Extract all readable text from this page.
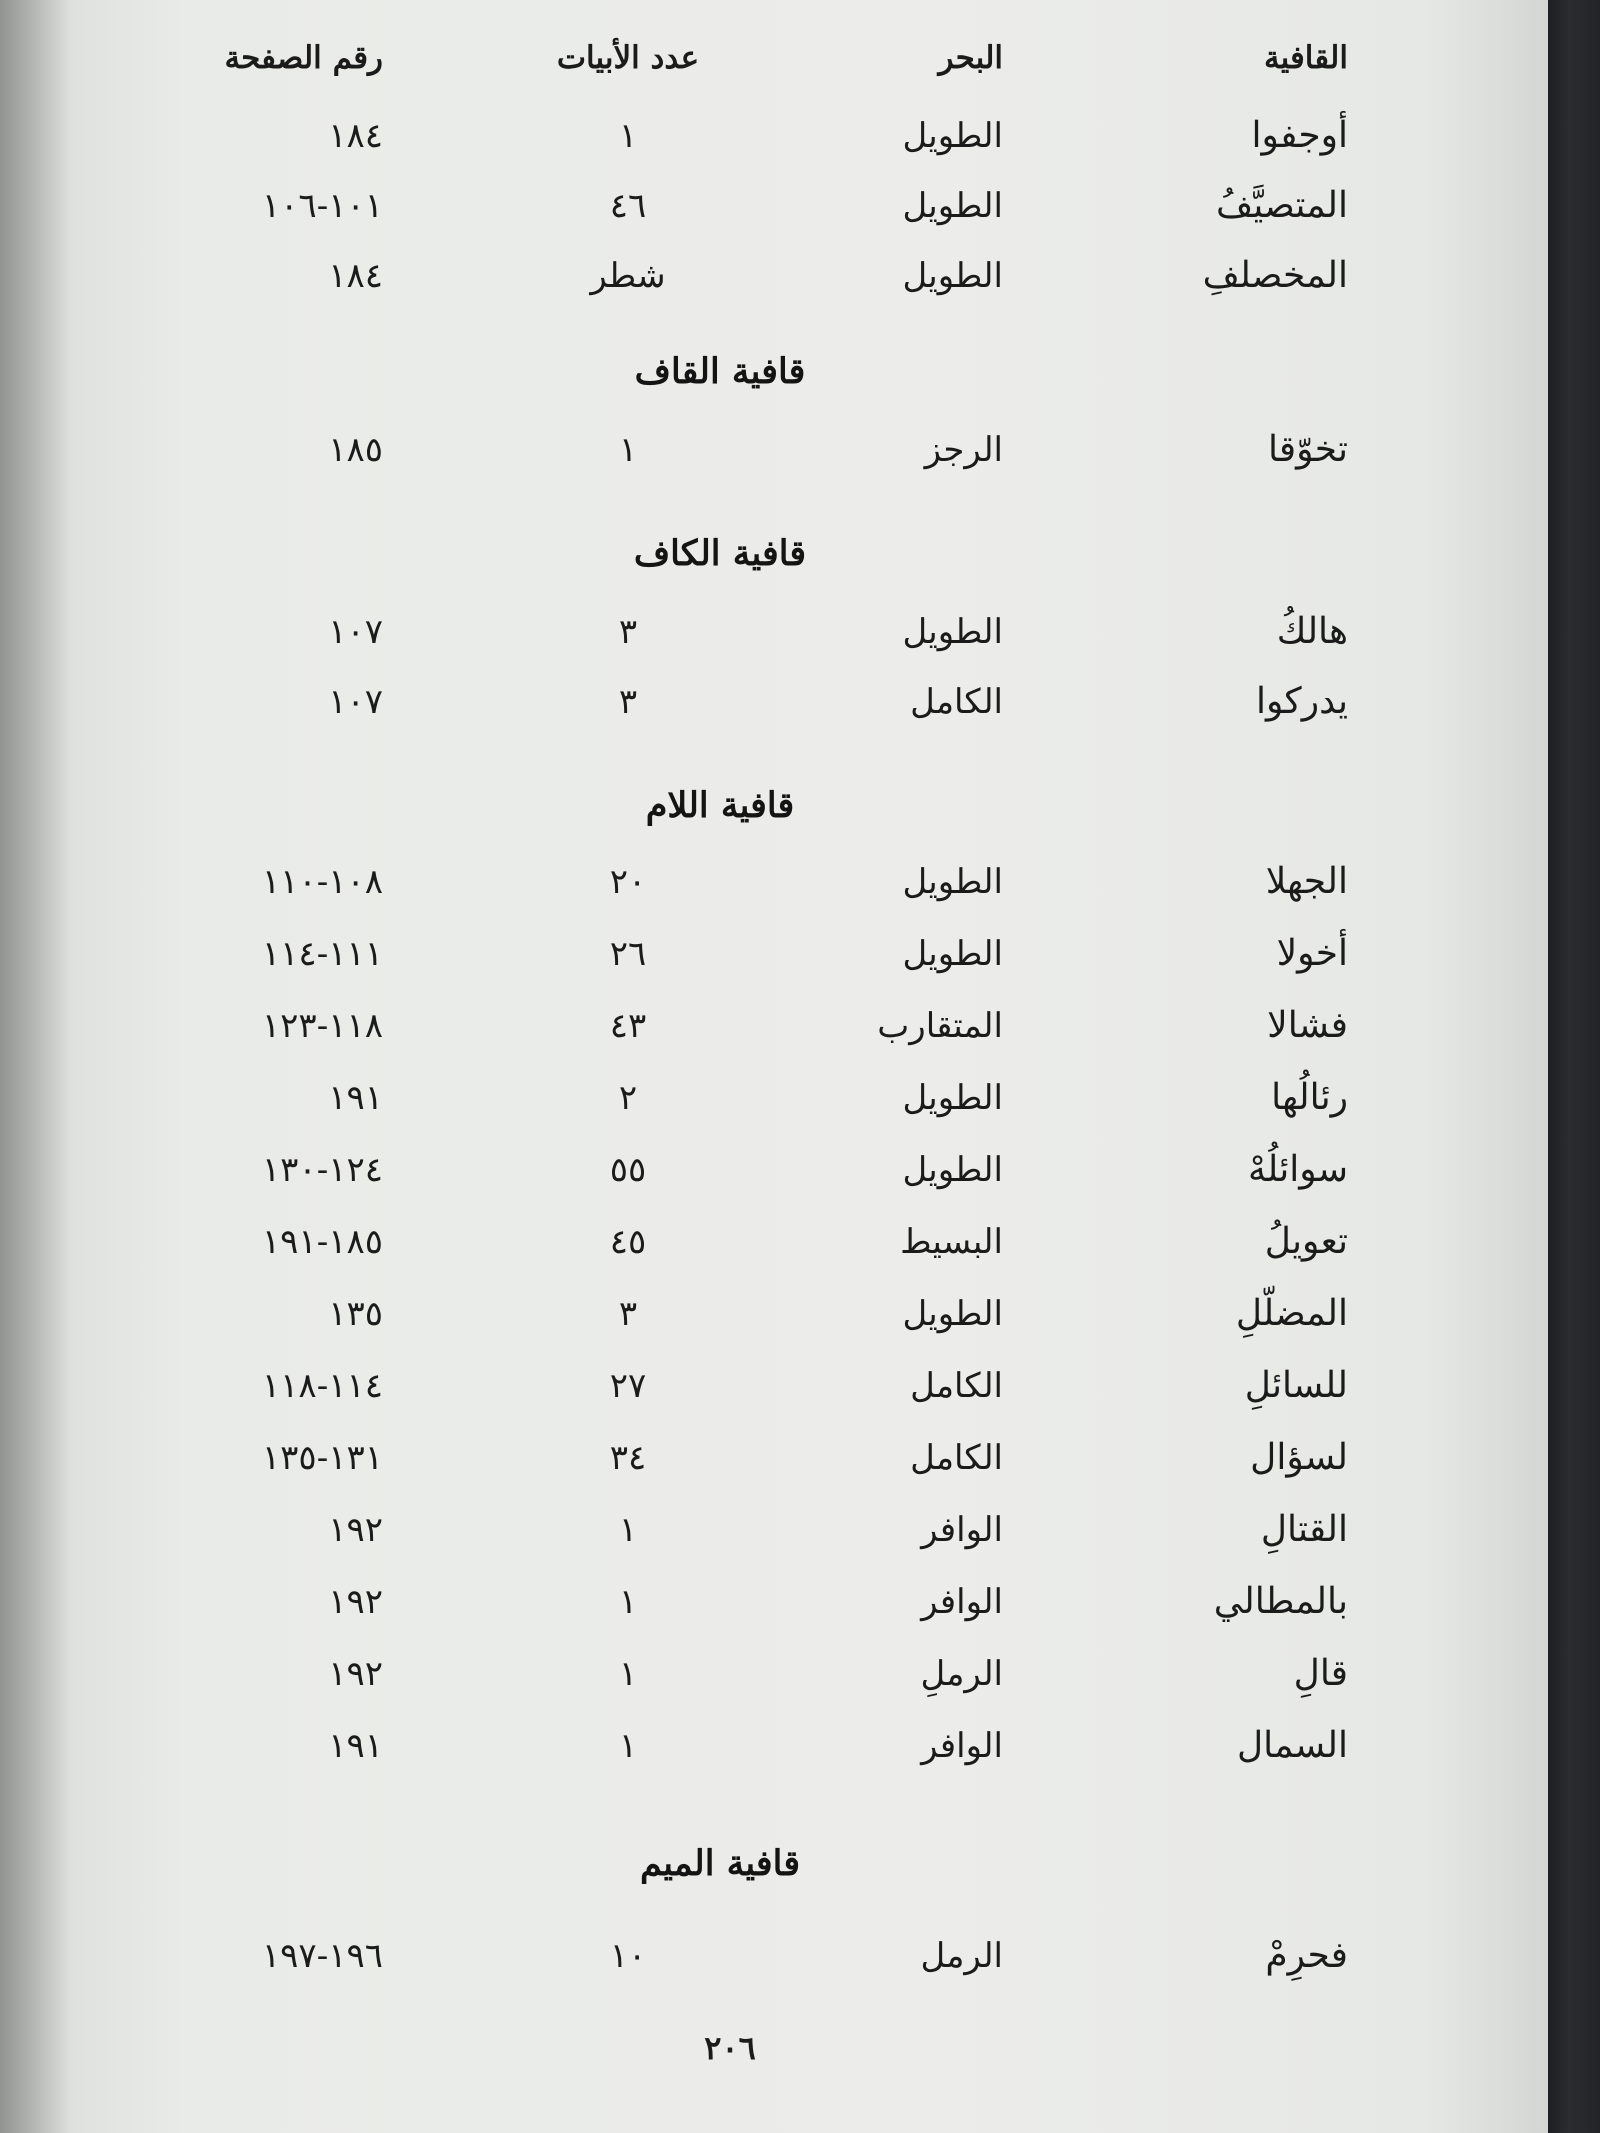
القافية
البحر
عدد الأبيات
رقم الصفحة
أوجفوا
الطويل
١
١٨٤
المتصيَّفُ
الطويل
٤٦
١٠١-١٠٦
المخصلفِ
الطويل
شطر
١٨٤
قافية القاف
تخوّقا
الرجز
١
١٨٥
قافية الكاف
هالكُ
الطويل
٣
١٠٧
يدركوا
الكامل
٣
١٠٧
قافية اللام
الجهلا
الطويل
٢٠
١٠٨-١١٠
أخولا
الطويل
٢٦
١١١-١١٤
فشالا
المتقارب
٤٣
١١٨-١٢٣
رئالُها
الطويل
٢
١٩١
سوائلُهْ
الطويل
٥٥
١٢٤-١٣٠
تعويلُ
البسيط
٤٥
١٨٥-١٩١
المضلّلِ
الطويل
٣
١٣٥
للسائلِ
الكامل
٢٧
١١٤-١١٨
لسؤال
الكامل
٣٤
١٣١-١٣٥
القتالِ
الوافر
١
١٩٢
بالمطالي
الوافر
١
١٩٢
قالِ
الرملِ
١
١٩٢
السمال
الوافر
١
١٩١
قافية الميم
فحرِمْ
الرمل
١٠
١٩٦-١٩٧
٢٠٦
